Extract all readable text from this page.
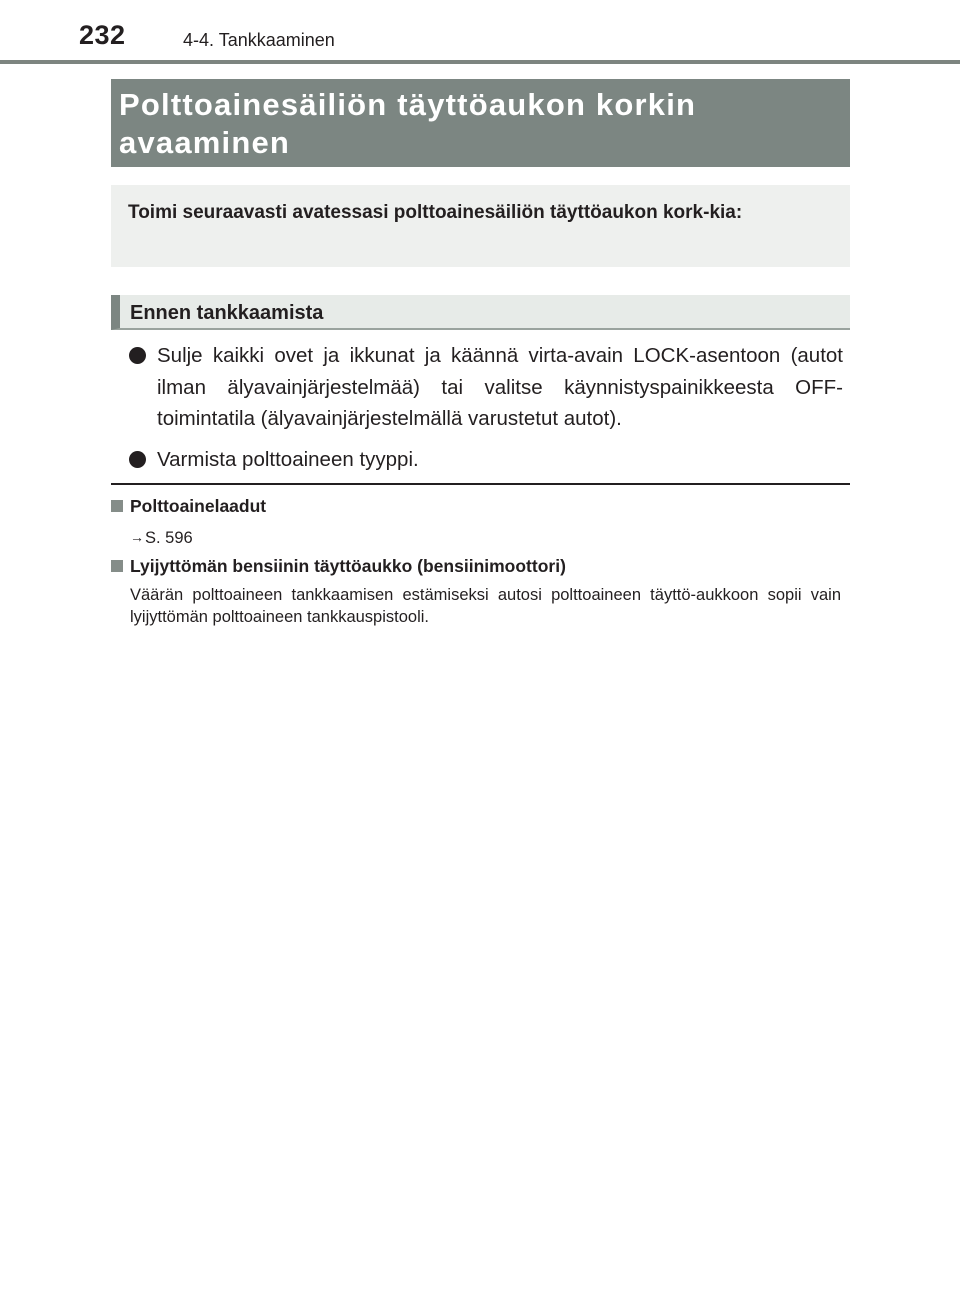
232	4-4. Tankkaaminen
Polttoainesäiliön täyttöaukon korkin avaaminen

Toimi seuraavasti avatessasi polttoainesäiliön täyttöaukon kork-kia:

Ennen tankkaamista
Sulje kaikki ovet ja ikkunat ja käännä virta-avain LOCK-asentoon (autot ilman älyavainjärjestelmää) tai valitse käynnistyspainikkeesta OFF-toimintatila (älyavainjärjestelmällä varustetut autot).
Varmista polttoaineen tyyppi.
Polttoainelaadut
→S. 596
Lyijyttömän bensiinin täyttöaukko (bensiinimoottori)
Väärän polttoaineen tankkaamisen estämiseksi autosi polttoaineen täyttö-aukkoon sopii vain lyijyttömän polttoaineen tankkauspistooli.
